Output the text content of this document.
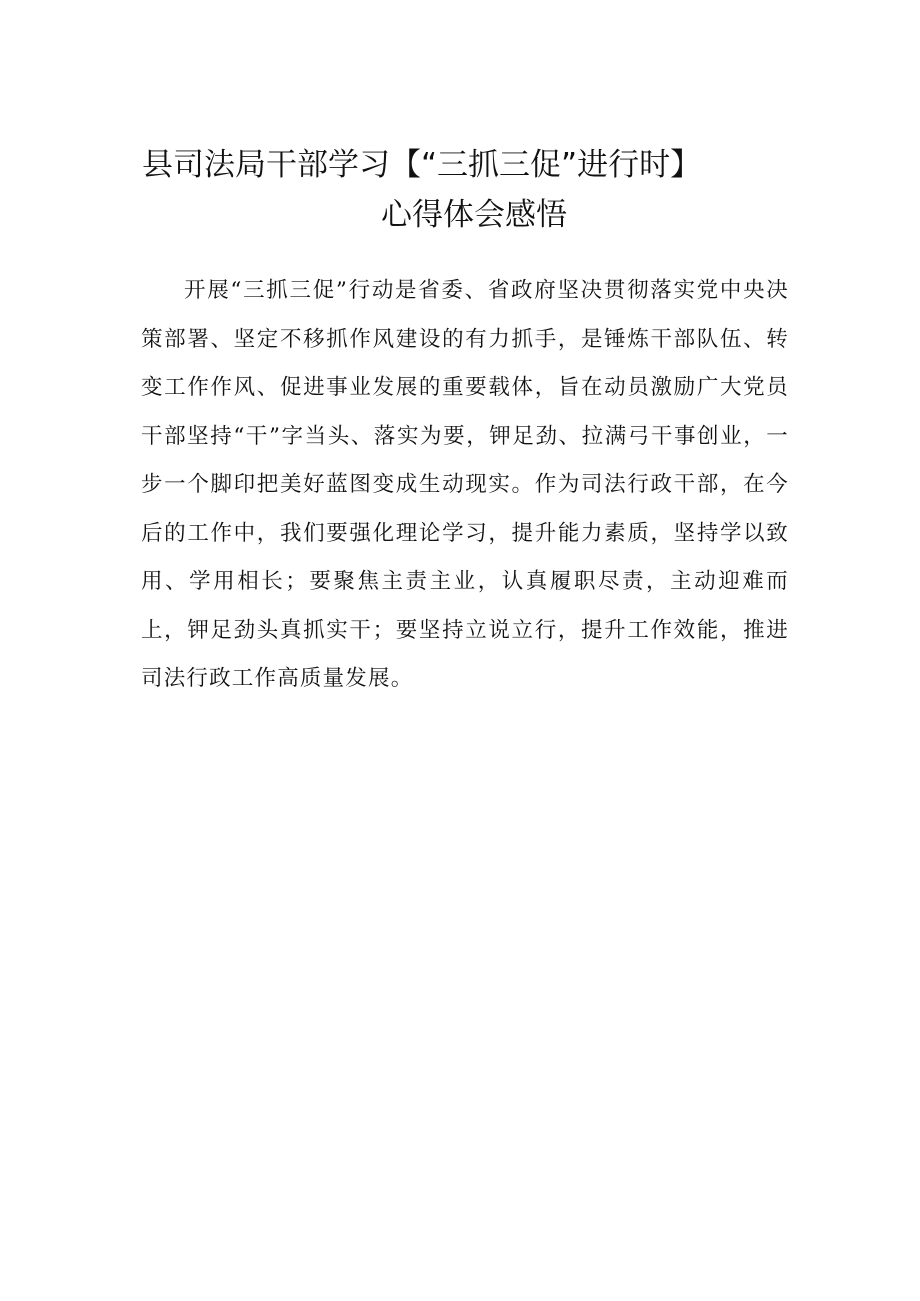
县司法局干部学习【“三抓三促”进行时】
心得体会感悟

开展“三抓三促”行动是省委、省政府坚决贯彻落实党中央决策部署、坚定不移抓作风建设的有力抓手，是锤炼干部队伍、转变工作作风、促进事业发展的重要载体，旨在动员激励广大党员干部坚持“干”字当头、落实为要，钾足劲、拉满弓干事创业，一步一个脚印把美好蓝图变成生动现实。作为司法行政干部，在今后的工作中，我们要强化理论学习，提升能力素质，坚持学以致用、学用相长；要聚焦主责主业，认真履职尽责，主动迎难而上，钾足劲头真抓实干；要坚持立说立行，提升工作效能，推进司法行政工作高质量发展。
